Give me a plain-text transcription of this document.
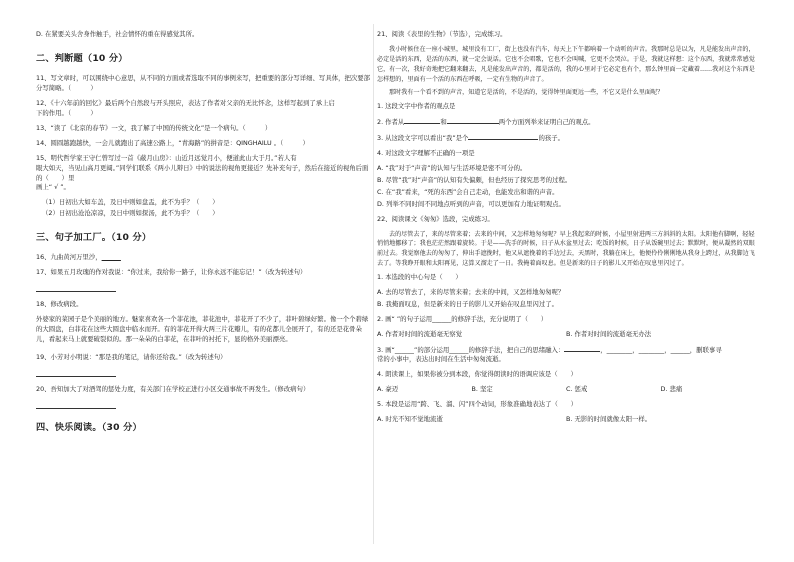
D. 在紧要关头舍身作触手，社会情怀的重在得感觉其所。

二、判断题（10 分）

11、写文章时，可以围绕中心意思，从不同的方面或者选取不同的事例来写，把重要的部分写详细、写具体，把次要部分写简略。（　　　）

12、《十六年前的回忆》最后两个自然段与开头照应，表达了作者对父亲的无比怀念，这样写起到了承上启

下的作用。（　　　）

13、“读了《北京的春节》一文，我了解了中国的传统文化”是一个病句。（　　　）

14、圆圆越跑越快，一会儿就跑出了高速公路上，“青海路”的拼音是：QINGHAILU 。（　　　）

15、明代哲学家王守仁曾写过一首《蔽月山房》：山近月远觉月小，便道此山大于月。”若人有

眼大如天，当见山高月更阔。”同学们联系《两小儿辩日》中的说法的视角更接近？先补充句子，然后在接近的视角后面的（　　）里

画上“ √ ”。

（1）日初出大如车盖，及日中则如盘盂，此不为乎？（　　）

（2）日初出沧沧凉凉，及日中则如探汤，此不为乎？（　　）

三、句子加工厂。（10 分）

16、九曲黄河万里沙，______

17、如果五月玫瑰的作对我说：“你过来，我给你一路子，让你永远不能忘记！”（改为转述句）

18、修改病段。

外婆家的菜园子是个美丽的地方。魅家喜欢各一个菲花池，菲花池中，菲花开了不少了，菲叶碧绿好繁。像一个个碧绿的大圆盘，白菲花在这些大圆盘中临水而开。有的菲花开得大两三片花瓣儿，有的花都儿全展开了，有的还是花骨朵儿，看起来马上就要破裂似的。那一朵朵的白菲花，在菲叶的衬托下，显的格外美丽漂亮。

19、小芳对小明说：“那是我的笔记，请你还给我。”（改为转述句）

20、吾知加大了对酒驾的惩处力度，有关部门在学校正进行小区交通事故不再发生。（修改病句）

四、快乐阅读。（30 分）

21、阅读《表里的生物》（节选），完成练习。

我小时候住在一座小城里，城里没有工厂，街上也没有汽车，每天上下午都响着一个动听的声音。我那时总是以为，凡是能发出声音的，必定是活的东西，是活的东西，就一定会说话。它也不会唱歌，它也不会叫喊，它更不会哭泣。于是，我就这样想：这个东西，我就常常感觉它，有一次，我好奇地把它翻来翻去，凡是能发出声音的，都是活的，我的心里对于它必定也有个，那么钟里面一定藏着……我对这个东西是怎样想的，里面有一个活的东西在呼吸，一定有生物的声音了。

那时我有一个看不到的声音，知道它是活的，不是活的，觉得钟里面更远一些，不它又是什么里面呢？

1. 这段文字中作者的观点是

2. 作者从	和	两个方面列举来证明自己的观点。

3. 从这段文字可以看出“我”是个	的孩子。

4. 对这段文字理解不正确的一项是

A. “我”对于“声音”的认知与生活环境是密不可分的。

B. 尽管“我”对“声音”的认知有失偏颇，但也经历了探究思考的过程。

C. 在“我”看来，“死的东西”会自己走动，也能发出和谐的声音。

D. 列举不同时间不同地点听到的声音，可以更加有力地证明观点。

22、阅读课文《匆匆》选段，完成练习。

去的尽管去了，来的尽管来着；去来的中间，又怎样地匆匆呢？早上我起来的时候，小屋里射进两三方斜斜的太阳。太阳他有脚啊，轻轻悄悄地挪移了；我也茫茫然跟着旋转。于是——洗手的时候，日子从水盆里过去；吃饭的时候，日子从饭碗里过去；默默时，便从凝然的双眼前过去。我觉察他去的匆匆了，伸出手遮挽时，他又从遮挽着的手边过去，天黑时，我躺在床上，他便伶伶俐俐地从我身上跨过，从我脚边飞去了。等我睁开眼和太阳再见，这算又溜走了一日。我掩着面叹息。但是新来的日子的影儿又开始在叹息里闪过了。

1. 本选段的中心句是（　　）

A. 去的尽管去了，来的尽管来着；去来的中间，又怎样地匆匆呢？

B. 我掩面叹息，但是新来的日子的影儿又开始在叹息里闪过了。

2. 画“ ”的句子运用______的修辞手法，充分说明了（　　）

A. 作者对时间的流逝毫无察觉	B. 作者对时间的流逝毫无办法

3. 画“______”的部分运用______的修辞手法，把自己的思绪融入：	，________，________，______，删联事寻

常的小事中，表达出时间在生活中匆匆流逝。

4. 朗读课上，如果你被分到本段，你觉得朗读时的语调应该是（　　）

A. 豪迈	B. 坚定	C. 惩戒	D. 悲痛

5. 本段是运用“跨、飞、溜、闪”四个动词，形象准确地表达了（　　）

A. 时光不知不觉地流逝	B. 无影的时间就像太阳一样。
